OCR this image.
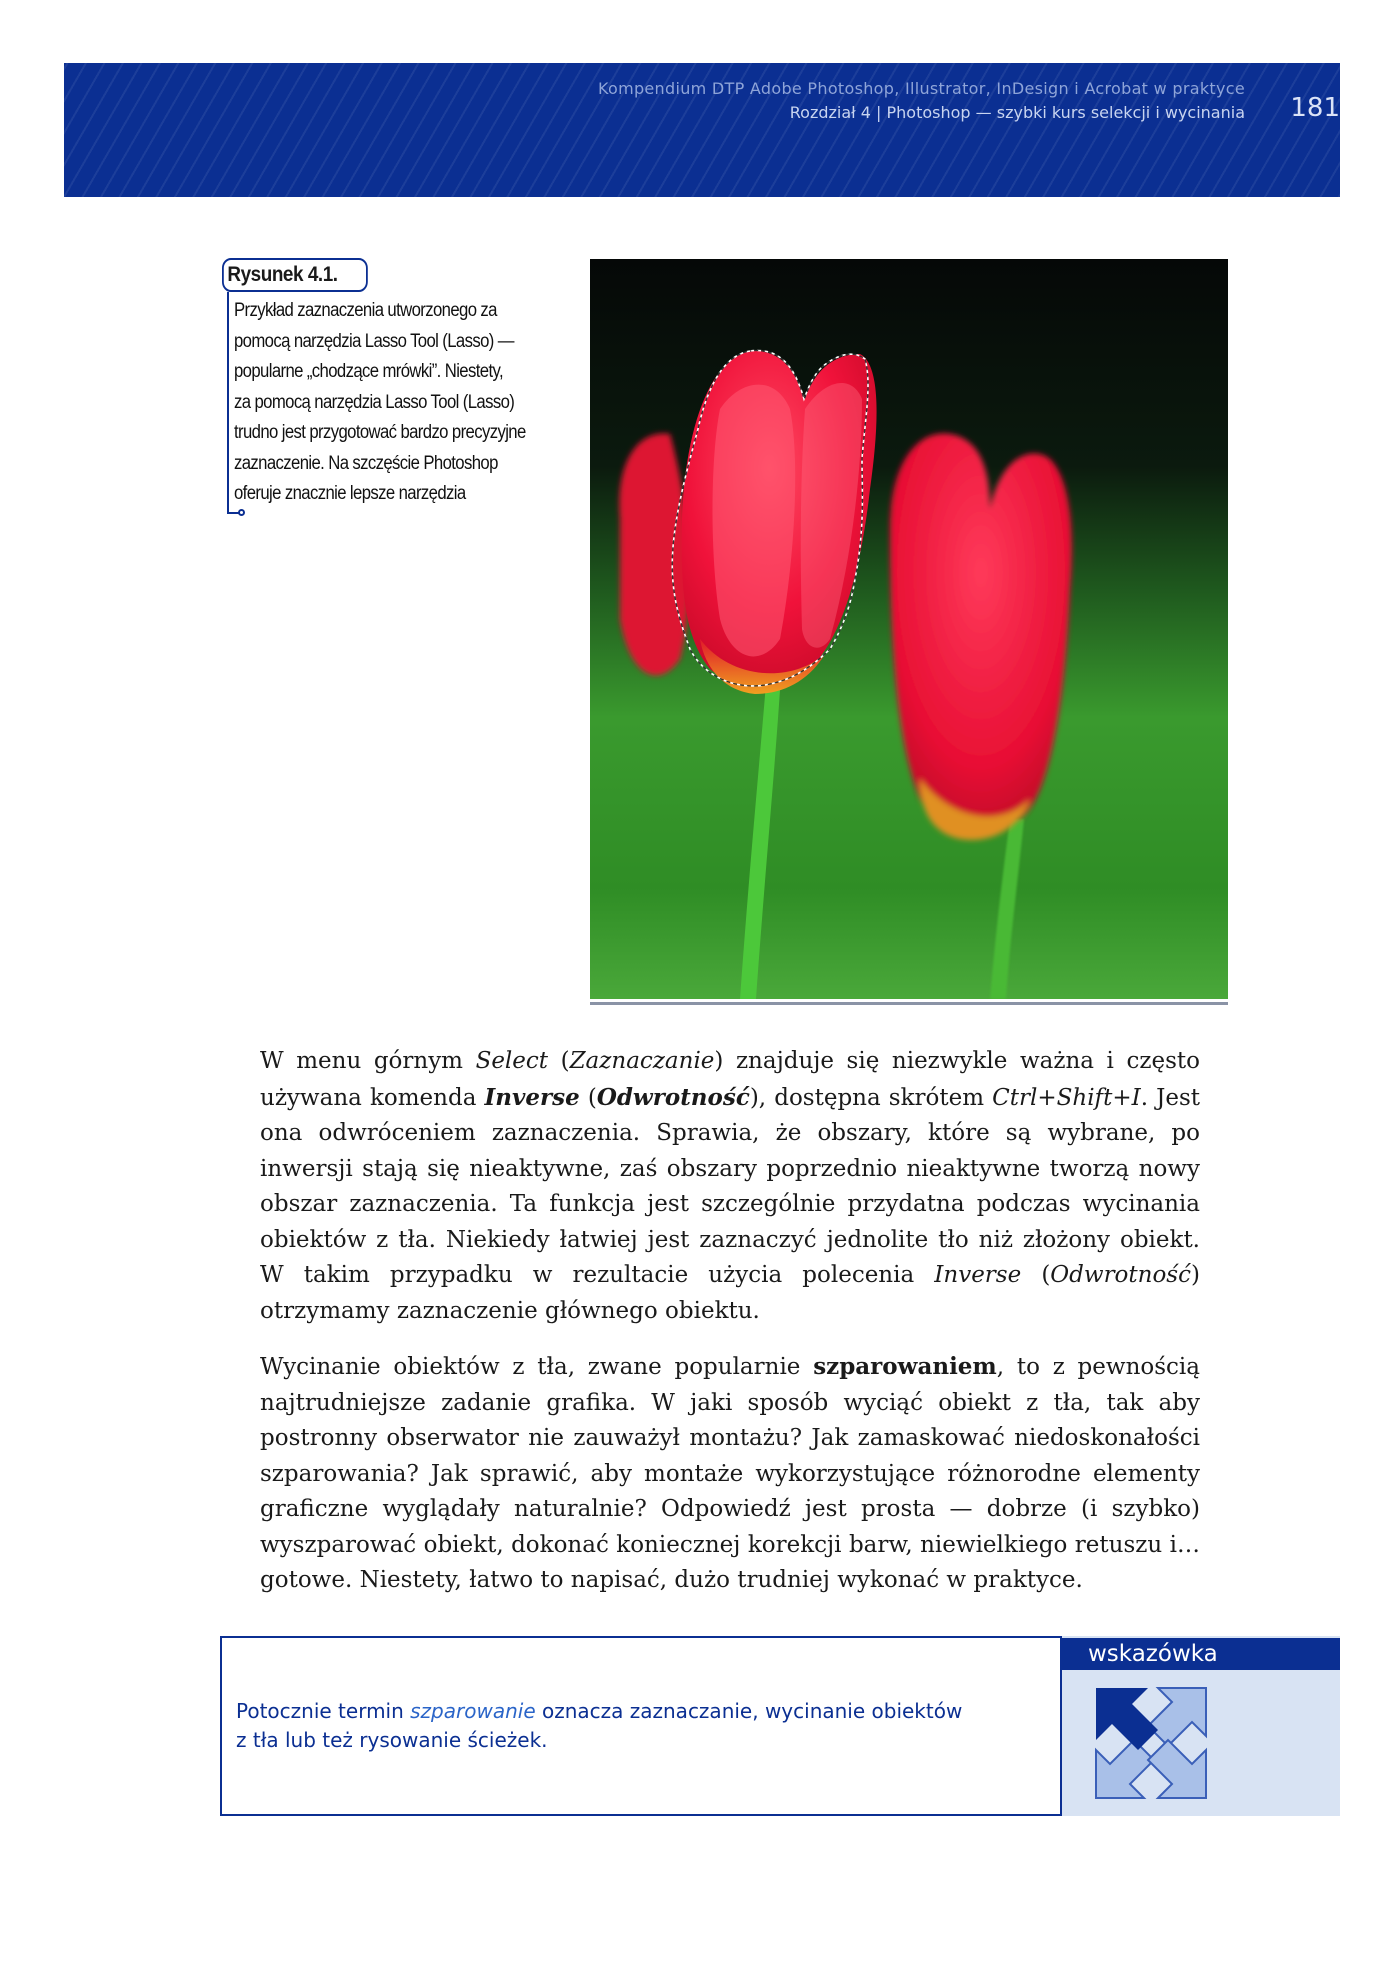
Kompendium DTP Adobe Photoshop, Illustrator, InDesign i Acrobat w praktyce
Rozdział 4 | Photoshop — szybki kurs selekcji i wycinania 181
Rysunek 4.1.
Przykład zaznaczenia utworzonego za
pomocą narzędzia Lasso Tool (Lasso) —
popularne „chodzące mrówki”. Niestety,
za pomocą narzędzia Lasso Tool (Lasso)
trudno jest przygotować bardzo precyzyjne
zaznaczenie. Na szczęście Photoshop
oferuje znacznie lepsze narzędzia

W menu górnym Select (Zaznaczanie) znajduje się niezwykle ważna i często używana komenda Inverse (Odwrotność), dostępna skrótem Ctrl+Shift+I. Jest ona odwróceniem zaznaczenia. Sprawia, że obszary, które są wybrane, po inwersji stają się nieaktywne, zaś obszary poprzednio nieaktywne tworzą nowy obszar zaznaczenia. Ta funkcja jest szczególnie przydatna podczas wycinania obiektów z tła. Niekiedy łatwiej jest zaznaczyć jednolite tło niż złożony obiekt. W takim przypadku w rezultacie użycia polecenia Inverse (Odwrotność) otrzymamy zaznaczenie głównego obiektu.

Wycinanie obiektów z tła, zwane popularnie szparowaniem, to z pewnością najtrudniejsze zadanie grafika. W jaki sposób wyciąć obiekt z tła, tak aby postronny obserwator nie zauważył montażu? Jak zamaskować niedoskonałości szparowania? Jak sprawić, aby montaże wykorzystujące różnorodne elementy graficzne wyglądały naturalnie? Odpowiedź jest prosta — dobrze (i szybko) wyszparować obiekt, dokonać koniecznej korekcji barw, niewielkiego retuszu i… gotowe. Niestety, łatwo to napisać, dużo trudniej wykonać w praktyce.

Potocznie termin szparowanie oznacza zaznaczanie, wycinanie obiektów
z tła lub też rysowanie ścieżek.
wskazówka
